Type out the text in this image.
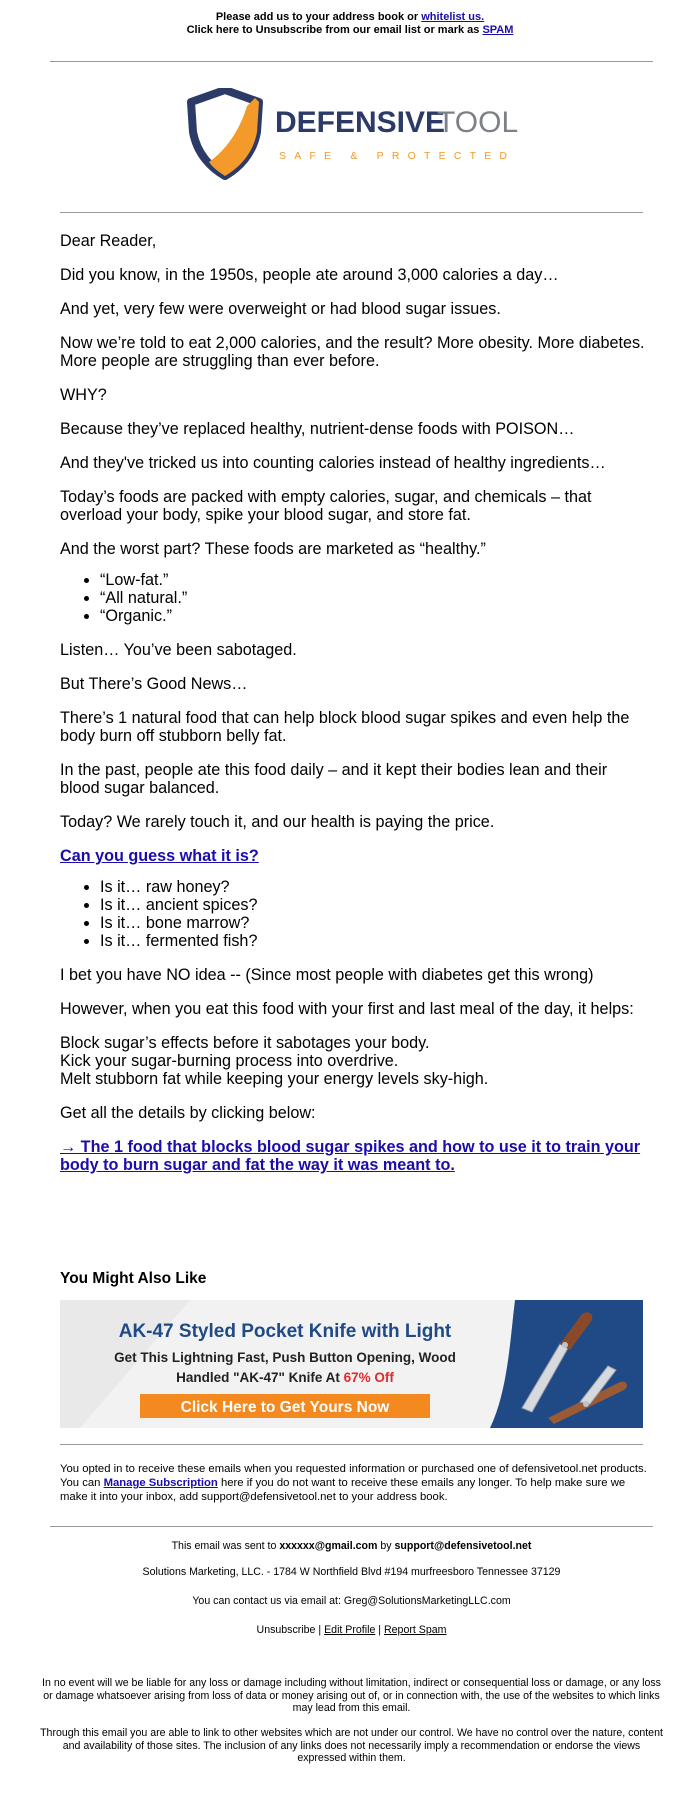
Please add us to your address book or whitelist us.
Click here to Unsubscribe from our email list or mark as SPAM
DEFENSIVE
TOOL
SAFE & PROTECTED

Dear Reader,

Did you know, in the 1950s, people ate around 3,000 calories a day…

And yet, very few were overweight or had blood sugar issues.

Now we’re told to eat 2,000 calories, and the result? More obesity. More diabetes. More people are struggling than ever before.

WHY?

Because they’ve replaced healthy, nutrient-dense foods with POISON…

And they've tricked us into counting calories instead of healthy ingredients…

Today’s foods are packed with empty calories, sugar, and chemicals – that overload your body, spike your blood sugar, and store fat.

And the worst part? These foods are marketed as “healthy.”

• “Low-fat.”
• “All natural.”
• “Organic.”

Listen… You’ve been sabotaged.

But There’s Good News…

There’s 1 natural food that can help block blood sugar spikes and even help the body burn off stubborn belly fat.

In the past, people ate this food daily – and it kept their bodies lean and their blood sugar balanced.

Today? We rarely touch it, and our health is paying the price.

Can you guess what it is?

• Is it… raw honey?
• Is it… ancient spices?
• Is it… bone marrow?
• Is it… fermented fish?

I bet you have NO idea -- (Since most people with diabetes get this wrong)

However, when you eat this food with your first and last meal of the day, it helps:

Block sugar’s effects before it sabotages your body.
Kick your sugar-burning process into overdrive.
Melt stubborn fat while keeping your energy levels sky-high.

Get all the details by clicking below:

→ The 1 food that blocks blood sugar spikes and how to use it to train your body to burn sugar and fat the way it was meant to.

You Might Also Like
AK-47 Styled Pocket Knife with Light
Get This Lightning Fast, Push Button Opening, Wood
Handled "AK-47" Knife At 67% Off
Click Here to Get Yours Now
You opted in to receive these emails when you requested information or purchased one of defensivetool.net products. You can Manage Subscription here if you do not want to receive these emails any longer. To help make sure we make it into your inbox, add support@defensivetool.net to your address book.
This email was sent to xxxxxx@gmail.com by support@defensivetool.net
Solutions Marketing, LLC. - 1784 W Northfield Blvd #194 murfreesboro Tennessee 37129
You can contact us via email at: Greg@SolutionsMarketingLLC.com
Unsubscribe | Edit Profile | Report Spam
In no event will we be liable for any loss or damage including without limitation, indirect or consequential loss or damage, or any loss or damage whatsoever arising from loss of data or money arising out of, or in connection with, the use of the websites to which links may lead from this email.
Through this email you are able to link to other websites which are not under our control. We have no control over the nature, content and availability of those sites. The inclusion of any links does not necessarily imply a recommendation or endorse the views expressed within them.
